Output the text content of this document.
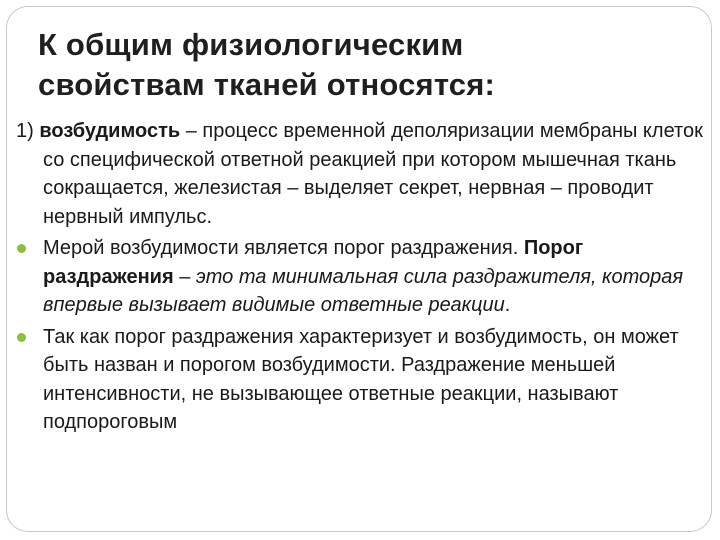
К общим физиологическим
свойствам тканей относятся:

1) возбудимость – процесс временной деполяризации мембраны клеток со специфической ответной реакцией при котором мышечная ткань сокращается, железистая – выделяет секрет, нервная – проводит нервный импульс.

Мерой возбудимости является порог раздражения. Порог раздражения – это та минимальная сила раздражителя, которая впервые вызывает видимые ответные реакции.

Так как порог раздражения характеризует и возбудимость, он может быть назван и порогом возбудимости. Раздражение меньшей интенсивности, не вызывающее ответные реакции, называют подпороговым
